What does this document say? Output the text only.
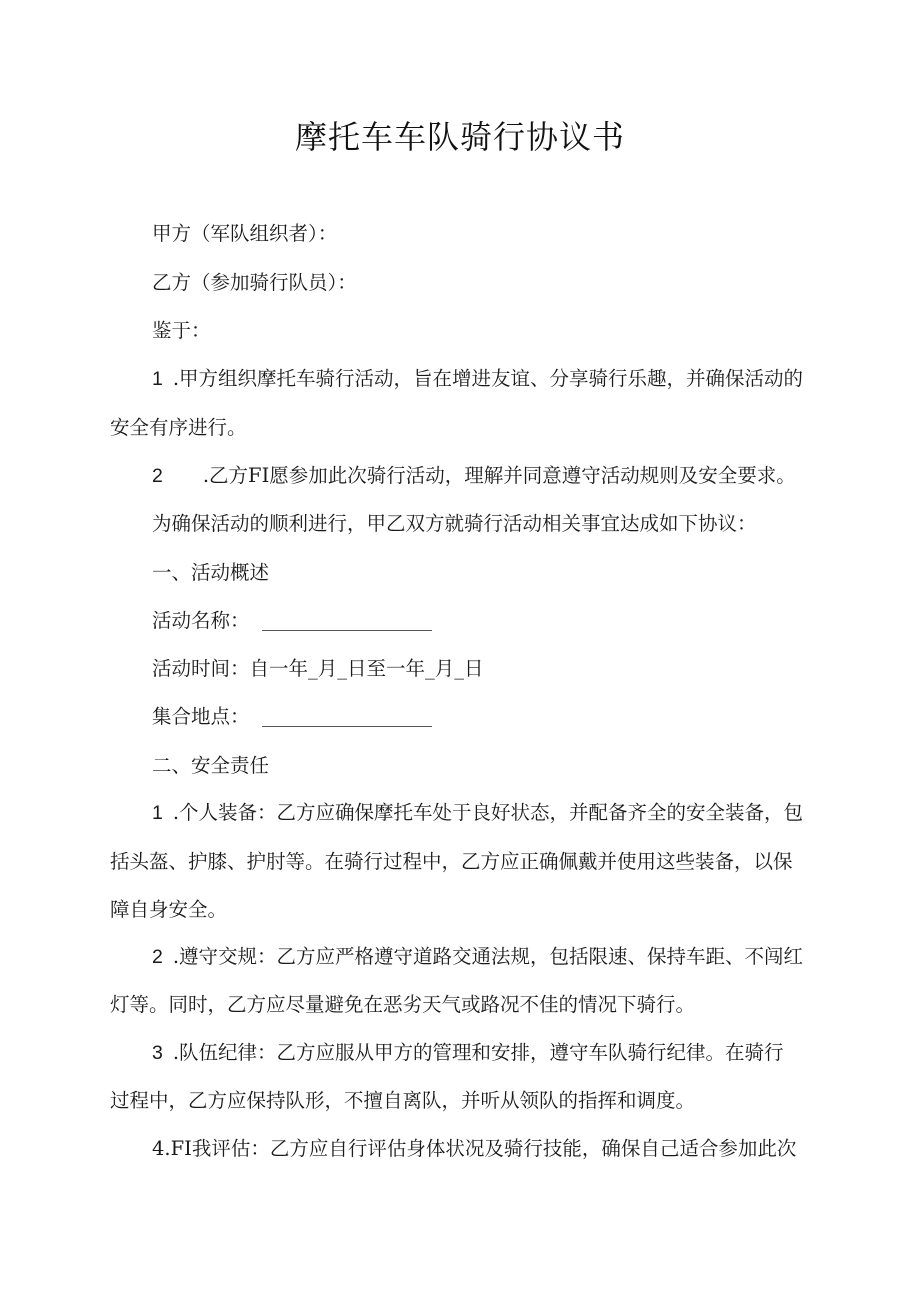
摩托车车队骑行协议书
甲方（军队组织者）：
乙方（参加骑行队员）：
鉴于：
1 .甲方组织摩托车骑行活动，旨在增进友谊、分享骑行乐趣，并确保活动的
安全有序进行。
2 .乙方FI愿参加此次骑行活动，理解并同意遵守活动规则及安全要求。
为确保活动的顺利进行，甲乙双方就骑行活动相关事宜达成如下协议：
一、活动概述
活动名称：
活动时间：自一年_月_日至一年_月_日
集合地点：
二、安全责任
1 .个人装备：乙方应确保摩托车处于良好状态，并配备齐全的安全装备，包
括头盔、护膝、护肘等。在骑行过程中，乙方应正确佩戴并使用这些装备，以保
障自身安全。
2 .遵守交规：乙方应严格遵守道路交通法规，包括限速、保持车距、不闯红
灯等。同时，乙方应尽量避免在恶劣天气或路况不佳的情况下骑行。
3 .队伍纪律：乙方应服从甲方的管理和安排，遵守车队骑行纪律。在骑行
过程中，乙方应保持队形，不擅自离队，并听从领队的指挥和调度。
4.FI我评估：乙方应自行评估身体状况及骑行技能，确保自己适合参加此次
